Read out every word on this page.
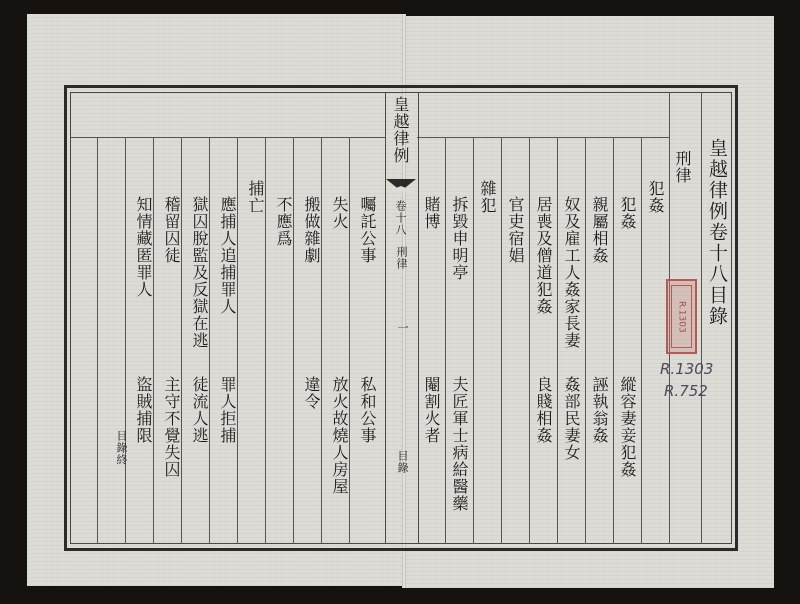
皇越律例
卷十八
刑律
一
目錄
皇越律例卷十八目錄
刑律
犯姦
犯姦
縱容妻妾犯姦
親屬相姦
誣執翁姦
奴及雇工人姦家長妻
姦部民妻女
居喪及僧道犯姦
良賤相姦
官吏宿娼
雜犯
拆毀申明亭
夫匠軍士病給醫藥
賭博
閹割火者
囑託公事
私和公事
失火
放火故燒人房屋
搬做雜劇
違令
不應爲
捕亡
應捕人追捕罪人
罪人拒捕
獄囚脫監及反獄在逃
徒流人逃
稽留囚徒
主守不覺失囚
知情藏匿罪人
盜賊捕限
目錄終
R.1303
R.1303
R.752
